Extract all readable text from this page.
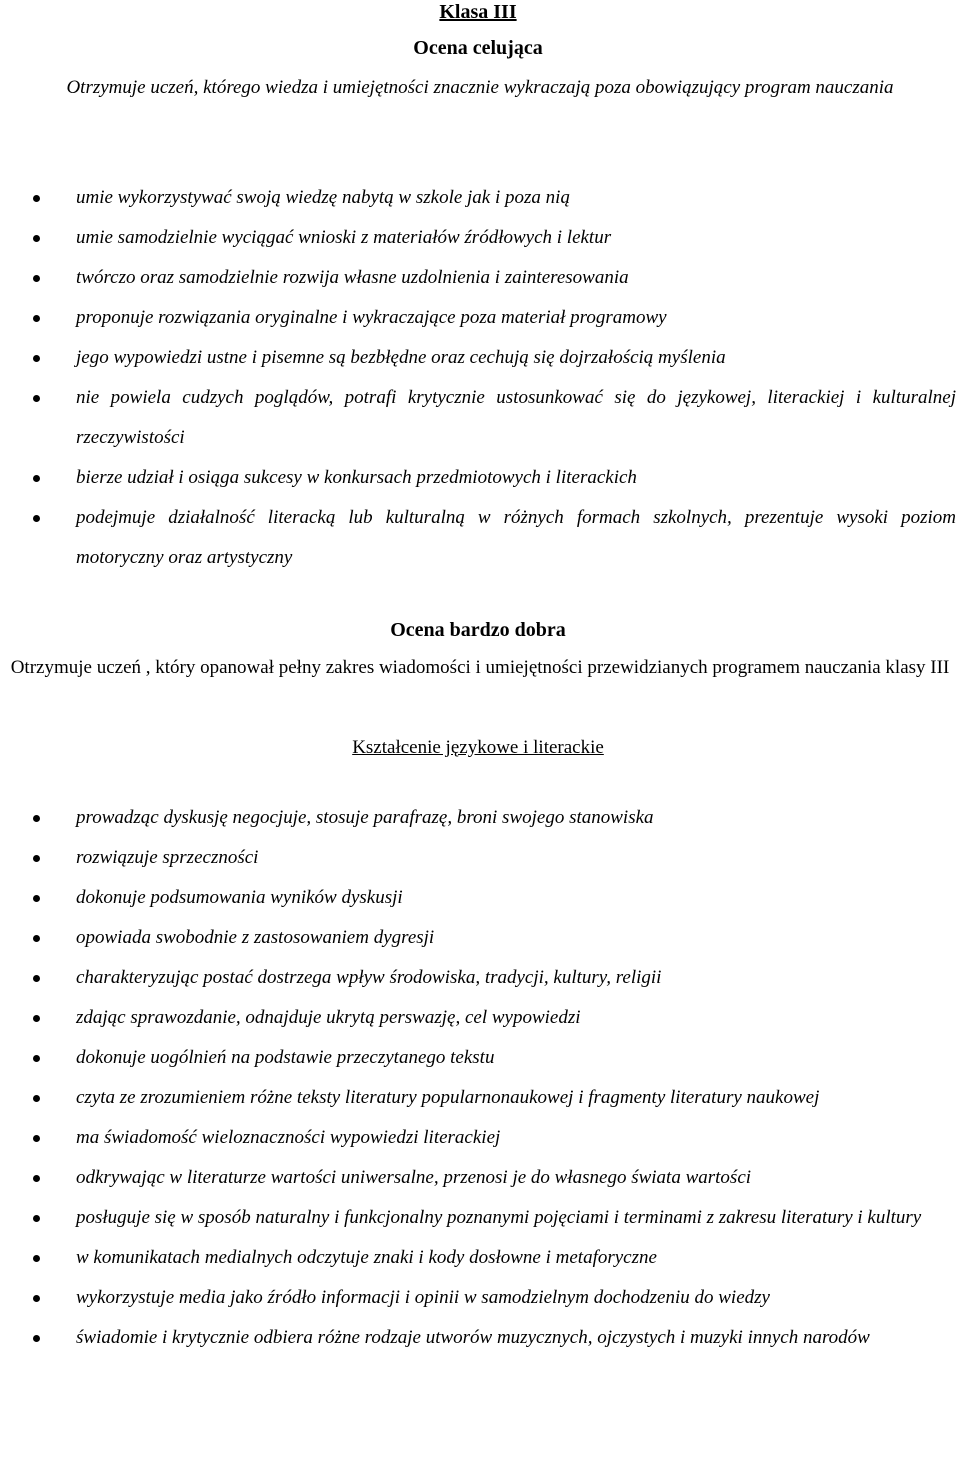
Klasa III
Ocena celująca
Otrzymuje uczeń, którego wiedza i umiejętności znacznie wykraczają poza obowiązujący program nauczania
umie wykorzystywać swoją wiedzę nabytą w szkole jak i poza nią
umie samodzielnie wyciągać wnioski z materiałów źródłowych i lektur
twórczo oraz samodzielnie rozwija własne uzdolnienia i zainteresowania
proponuje rozwiązania oryginalne i wykraczające poza materiał programowy
jego wypowiedzi ustne i pisemne są bezbłędne oraz cechują się dojrzałością myślenia
nie powiela cudzych poglądów, potrafi krytycznie ustosunkować się do językowej, literackiej i kulturalnej rzeczywistości
bierze udział i osiąga sukcesy w konkursach przedmiotowych i literackich
podejmuje działalność literacką lub kulturalną w różnych formach szkolnych, prezentuje wysoki poziom motoryczny oraz artystyczny
Ocena bardzo dobra
Otrzymuje uczeń , który opanował pełny zakres wiadomości i umiejętności przewidzianych programem nauczania klasy III
Kształcenie językowe i literackie
prowadząc dyskusję negocjuje, stosuje parafrazę, broni swojego stanowiska
rozwiązuje sprzeczności
dokonuje podsumowania wyników dyskusji
opowiada swobodnie z zastosowaniem dygresji
charakteryzując postać dostrzega wpływ środowiska, tradycji, kultury, religii
zdając sprawozdanie, odnajduje ukrytą perswazję, cel wypowiedzi
dokonuje uogólnień na podstawie przeczytanego tekstu
czyta ze zrozumieniem różne teksty literatury popularnonaukowej i fragmenty literatury naukowej
ma świadomość wieloznaczności wypowiedzi literackiej
odkrywając w literaturze wartości uniwersalne, przenosi je do własnego świata wartości
posługuje się w sposób naturalny i funkcjonalny poznanymi pojęciami i terminami z zakresu literatury i kultury
w komunikatach medialnych odczytuje znaki i kody dosłowne i metaforyczne
wykorzystuje media jako źródło informacji i opinii w samodzielnym dochodzeniu do wiedzy
świadomie i krytycznie odbiera różne rodzaje utworów muzycznych, ojczystych i muzyki innych narodów
